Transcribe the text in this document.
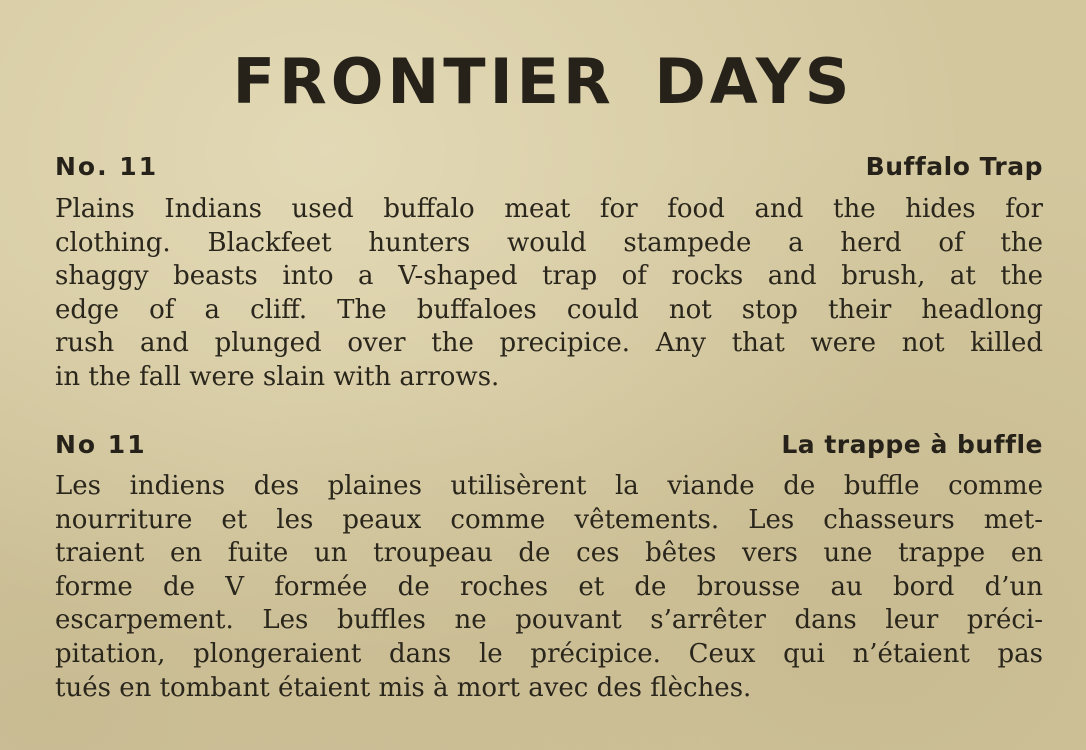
FRONTIER DAYS
No. 11	Buffalo Trap
Plains Indians used buffalo meat for food and the hides for
clothing. Blackfeet hunters would stampede a herd of the
shaggy beasts into a V-shaped trap of rocks and brush, at the
edge of a cliff. The buffaloes could not stop their headlong
rush and plunged over the precipice. Any that were not killed
in the fall were slain with arrows.
No 11	La trappe à buffle
Les indiens des plaines utilisèrent la viande de buffle comme
nourriture et les peaux comme vêtements. Les chasseurs met-
traient en fuite un troupeau de ces bêtes vers une trappe en
forme de V formée de roches et de brousse au bord d’un
escarpement. Les buffles ne pouvant s’arrêter dans leur préci-
pitation, plongeraient dans le précipice. Ceux qui n’étaient pas
tués en tombant étaient mis à mort avec des flèches.
